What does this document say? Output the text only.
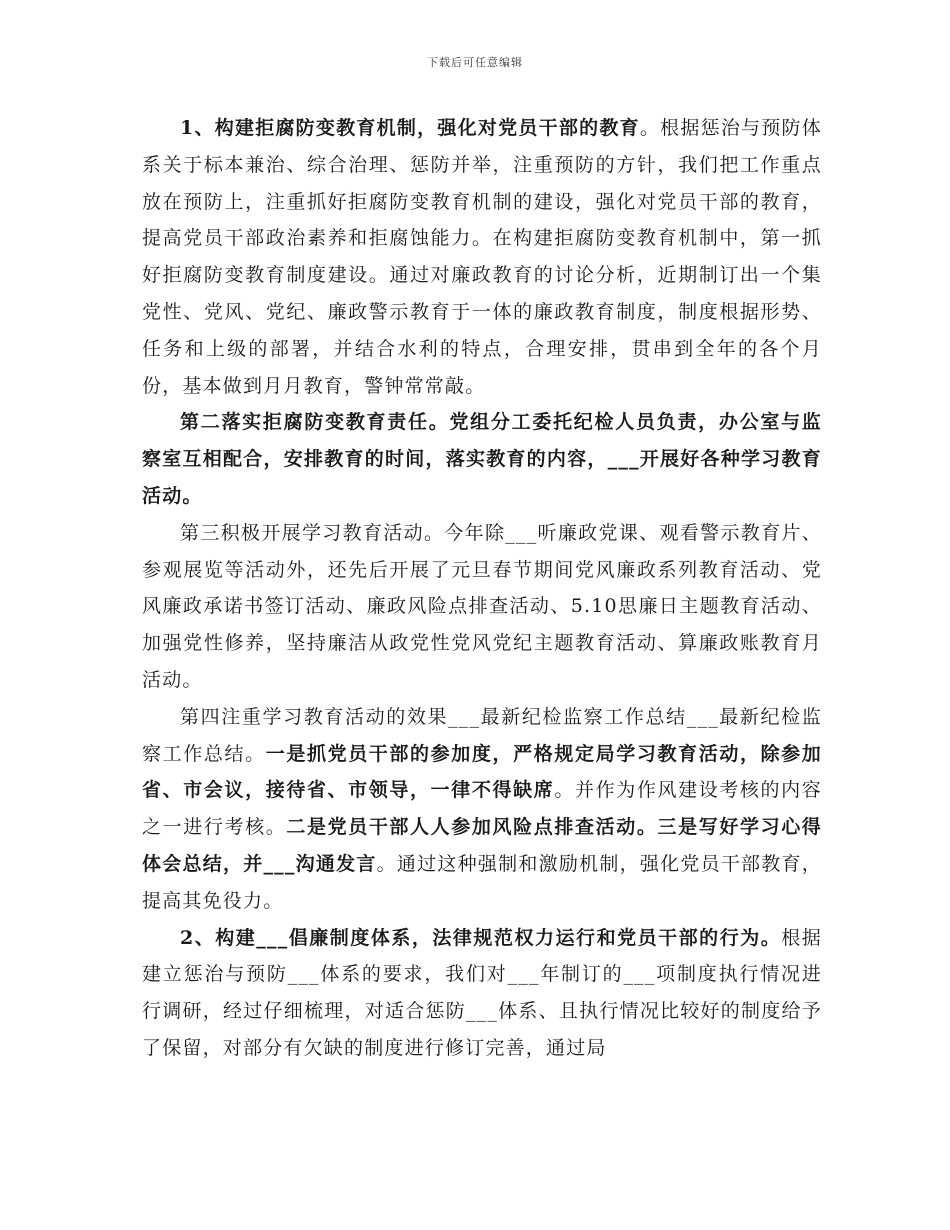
下载后可任意编辑

1、构建拒腐防变教育机制，强化对党员干部的教育。根据惩治与预防体系关于标本兼治、综合治理、惩防并举，注重预防的方针，我们把工作重点放在预防上，注重抓好拒腐防变教育机制的建设，强化对党员干部的教育，提高党员干部政治素养和拒腐蚀能力。在构建拒腐防变教育机制中，第一抓好拒腐防变教育制度建设。通过对廉政教育的讨论分析，近期制订出一个集党性、党风、党纪、廉政警示教育于一体的廉政教育制度，制度根据形势、任务和上级的部署，并结合水利的特点，合理安排，贯串到全年的各个月份，基本做到月月教育，警钟常常敲。

第二落实拒腐防变教育责任。党组分工委托纪检人员负责，办公室与监察室互相配合，安排教育的时间，落实教育的内容，___开展好各种学习教育活动。

第三积极开展学习教育活动。今年除___听廉政党课、观看警示教育片、参观展览等活动外，还先后开展了元旦春节期间党风廉政系列教育活动、党风廉政承诺书签订活动、廉政风险点排查活动、5.10思廉日主题教育活动、加强党性修养，坚持廉洁从政党性党风党纪主题教育活动、算廉政账教育月活动。

第四注重学习教育活动的效果___最新纪检监察工作总结___最新纪检监察工作总结。一是抓党员干部的参加度，严格规定局学习教育活动，除参加省、市会议，接待省、市领导，一律不得缺席。并作为作风建设考核的内容之一进行考核。二是党员干部人人参加风险点排查活动。三是写好学习心得体会总结，并___沟通发言。通过这种强制和激励机制，强化党员干部教育，提高其免役力。

2、构建___倡廉制度体系，法律规范权力运行和党员干部的行为。根据建立惩治与预防___体系的要求，我们对___年制订的___项制度执行情况进行调研，经过仔细梳理，对适合惩防___体系、且执行情况比较好的制度给予了保留，对部分有欠缺的制度进行修订完善，通过局
